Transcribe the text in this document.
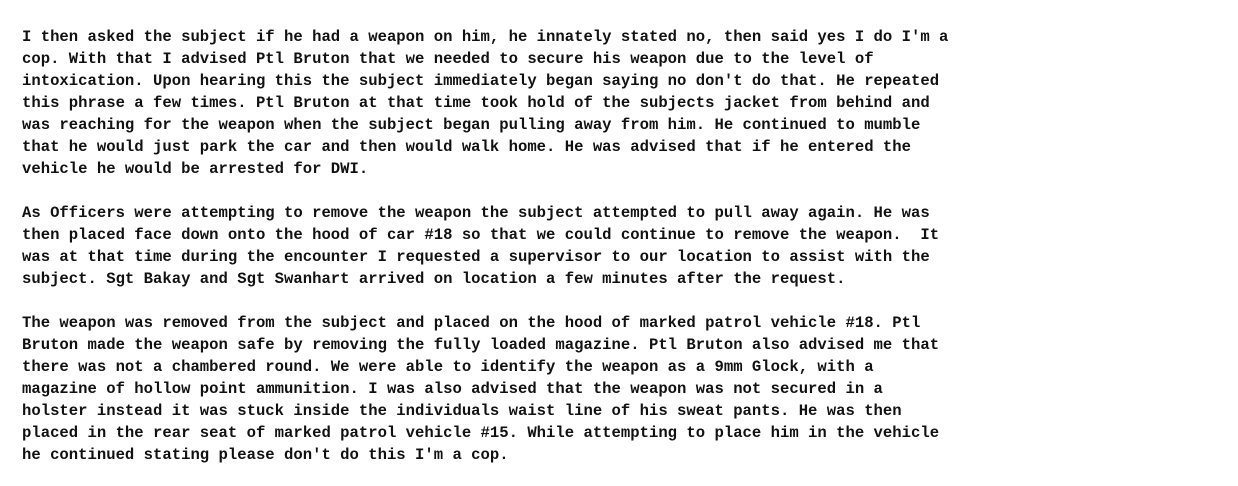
I then asked the subject if he had a weapon on him, he innately stated no, then said yes I do I'm a
cop. With that I advised Ptl Bruton that we needed to secure his weapon due to the level of
intoxication. Upon hearing this the subject immediately began saying no don't do that. He repeated
this phrase a few times. Ptl Bruton at that time took hold of the subjects jacket from behind and
was reaching for the weapon when the subject began pulling away from him. He continued to mumble
that he would just park the car and then would walk home. He was advised that if he entered the
vehicle he would be arrested for DWI.
As Officers were attempting to remove the weapon the subject attempted to pull away again. He was
then placed face down onto the hood of car #18 so that we could continue to remove the weapon.  It
was at that time during the encounter I requested a supervisor to our location to assist with the
subject. Sgt Bakay and Sgt Swanhart arrived on location a few minutes after the request.
The weapon was removed from the subject and placed on the hood of marked patrol vehicle #18. Ptl
Bruton made the weapon safe by removing the fully loaded magazine. Ptl Bruton also advised me that
there was not a chambered round. We were able to identify the weapon as a 9mm Glock, with a
magazine of hollow point ammunition. I was also advised that the weapon was not secured in a
holster instead it was stuck inside the individuals waist line of his sweat pants. He was then
placed in the rear seat of marked patrol vehicle #15. While attempting to place him in the vehicle
he continued stating please don't do this I'm a cop.
